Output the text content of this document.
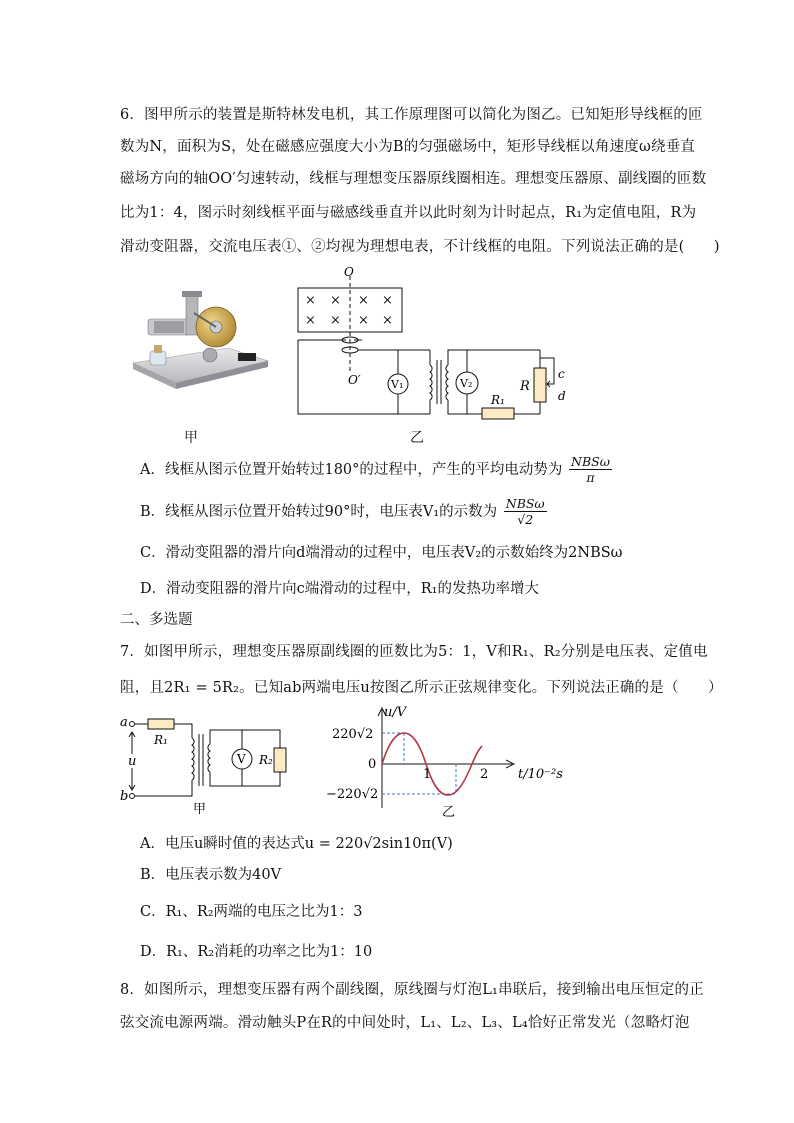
6．图甲所示的装置是斯特林发电机，其工作原理图可以简化为图乙。已知矩形导线框的匝
数为N，面积为S，处在磁感应强度大小为B的匀强磁场中，矩形导线框以角速度ω绕垂直
磁场方向的轴OO′匀速转动，线框与理想变压器原线圈相连。理想变压器原、副线圈的匝数
比为1：4，图示时刻线框平面与磁感线垂直并以此时刻为计时起点，R₁为定值电阻，R为
滑动变阻器，交流电压表①、②均视为理想电表，不计线框的电阻。下列说法正确的是(　　)
甲
V₁	V₂
× × × ×
× × × ×
O
O′	R
R₁
c
d
乙
A．线框从图示位置开始转过180°的过程中，产生的平均电动势为 $\frac{\text{NBSω}}{\pi}$
B．线框从图示位置开始转过90°时，电压表V₁的示数为 $\frac{\text{NBSω}}{√2}$
C．滑动变阻器的滑片向d端滑动的过程中，电压表V₂的示数始终为2NBSω
D．滑动变阻器的滑片向c端滑动的过程中，R₁的发热功率增大
二、多选题
7．如图甲所示，理想变压器原副线圈的匝数比为5：1，V和R₁、R₂分别是电压表、定值电
阻，且2R₁ = 5R₂。已知ab两端电压u按图乙所示正弦规律变化。下列说法正确的是（　　）
V
a
b
u
R₁
R₂
甲
u/V
t/10⁻²s
220√2
−220√2
0
1	2
乙
A．电压u瞬时值的表达式u = 220√2sin10π(V)
B．电压表示数为40V
C．R₁、R₂两端的电压之比为1：3
D．R₁、R₂消耗的功率之比为1：10
8．如图所示，理想变压器有两个副线圈，原线圈与灯泡L₁串联后，接到输出电压恒定的正
弦交流电源两端。滑动触头P在R的中间处时，L₁、L₂、L₃、L₄恰好正常发光（忽略灯泡
